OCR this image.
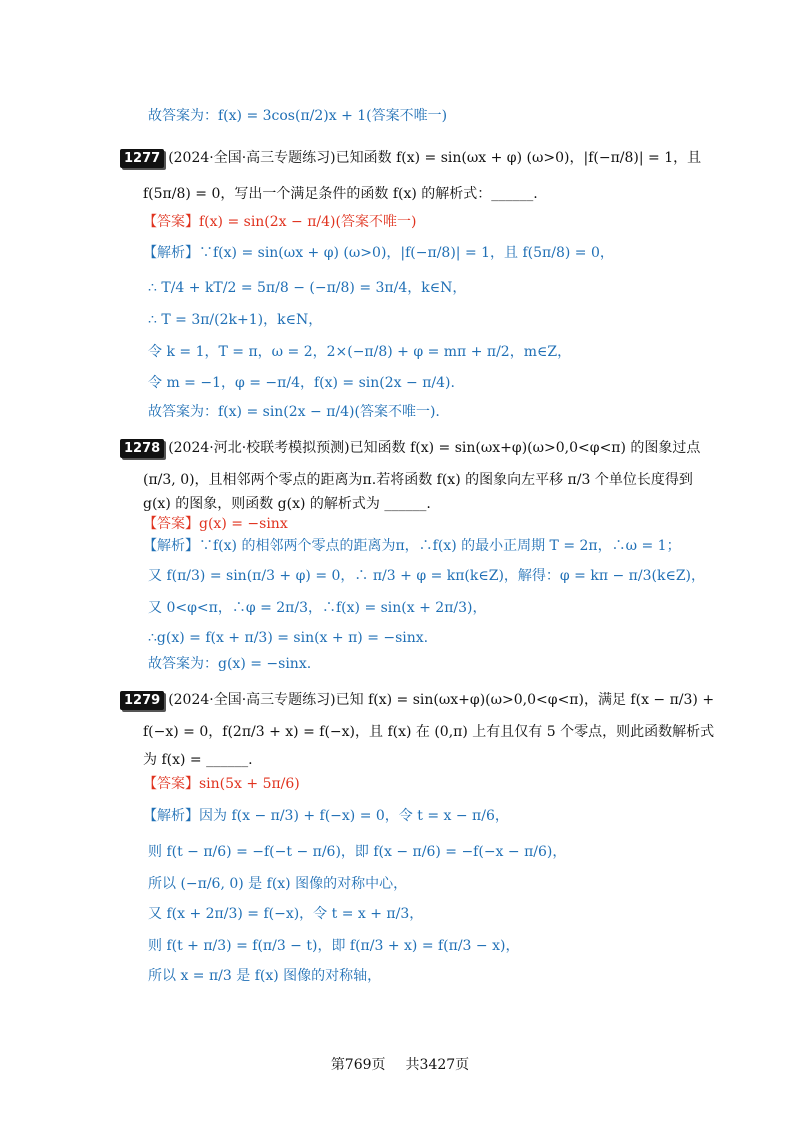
故答案为：f(x) = 3cos(π/2)x + 1(答案不唯一)
1277 (2024·全国·高三专题练习)已知函数 f(x) = sin(ωx + φ) (ω>0)，|f(−π/8)| = 1，且
f(5π/8) = 0，写出一个满足条件的函数 f(x) 的解析式：______.
【答案】f(x) = sin(2x − π/4)(答案不唯一)
【解析】∵f(x) = sin(ωx + φ) (ω>0)，|f(−π/8)| = 1，且 f(5π/8) = 0，
∴ T/4 + kT/2 = 5π/8 − (−π/8) = 3π/4，k∈N，
∴ T = 3π/(2k+1)，k∈N，
令 k = 1，T = π，ω = 2，2×(−π/8) + φ = mπ + π/2，m∈Z，
令 m = −1，φ = −π/4，f(x) = sin(2x − π/4).
故答案为：f(x) = sin(2x − π/4)(答案不唯一).
1278 (2024·河北·校联考模拟预测)已知函数 f(x) = sin(ωx+φ)(ω>0,0<φ<π) 的图象过点
(π/3, 0)，且相邻两个零点的距离为π.若将函数 f(x) 的图象向左平移 π/3 个单位长度得到
g(x) 的图象，则函数 g(x) 的解析式为 ______.
【答案】g(x) = −sinx
【解析】∵f(x) 的相邻两个零点的距离为π，∴f(x) 的最小正周期 T = 2π，∴ω = 1；
又 f(π/3) = sin(π/3 + φ) = 0，∴ π/3 + φ = kπ(k∈Z)，解得：φ = kπ − π/3(k∈Z)，
又 0<φ<π，∴φ = 2π/3，∴f(x) = sin(x + 2π/3)，
∴g(x) = f(x + π/3) = sin(x + π) = −sinx.
故答案为：g(x) = −sinx.
1279 (2024·全国·高三专题练习)已知 f(x) = sin(ωx+φ)(ω>0,0<φ<π)，满足 f(x − π/3) +
f(−x) = 0，f(2π/3 + x) = f(−x)，且 f(x) 在 (0,π) 上有且仅有 5 个零点，则此函数解析式
为 f(x) = ______.
【答案】sin(5x + 5π/6)
【解析】因为 f(x − π/3) + f(−x) = 0，令 t = x − π/6，
则 f(t − π/6) = −f(−t − π/6)，即 f(x − π/6) = −f(−x − π/6)，
所以 (−π/6, 0) 是 f(x) 图像的对称中心，
又 f(x + 2π/3) = f(−x)，令 t = x + π/3，
则 f(t + π/3) = f(π/3 − t)，即 f(π/3 + x) = f(π/3 − x)，
所以 x = π/3 是 f(x) 图像的对称轴，
第769页 共3427页
